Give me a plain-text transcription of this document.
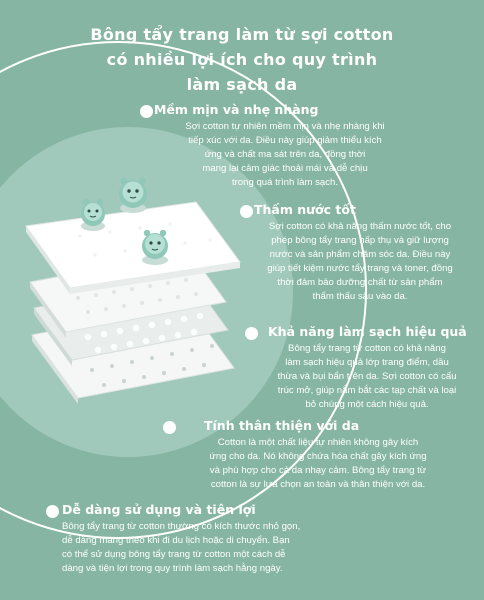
Bông tẩy trang làm từ sợi cotton
có nhiều lợi ích cho quy trình
làm sạch da
Mềm mịn và nhẹ nhàng

Sợi cotton tự nhiên mềm mịn và nhẹ nhàng khi

tiếp xúc với da. Điều này giúp giảm thiểu kích

ứng và chất ma sát trên da, đồng thời

mang lại cảm giác thoải mái và dễ chịu

trong quá trình làm sạch.

Thấm nước tốt

Sợi cotton có khả năng thấm nước tốt, cho

phép bông tẩy trang hấp thụ và giữ lượng

nước và sản phẩm chăm sóc da. Điều này

giúp tiết kiệm nước tẩy trang và toner, đồng

thời đảm bảo dưỡng chất từ sản phẩm

thẩm thấu sâu vào da.

Khả năng làm sạch hiệu quả

Bông tẩy trang từ cotton có khả năng

làm sạch hiệu quả lớp trang điểm, dầu

thừa và bụi bẩn trên da. Sợi cotton có cấu

trúc mở, giúp nắm bắt các tạp chất và loại

bỏ chúng một cách hiệu quả.

Tính thân thiện với da

Cotton là một chất liệu tự nhiên không gây kích

ứng cho da. Nó không chứa hóa chất gây kích ứng

và phù hợp cho cả da nhạy cảm. Bông tẩy trang từ

cotton là sự lựa chọn an toàn và thân thiện với da.

Dễ dàng sử dụng và tiện lợi

Bông tẩy trang từ cotton thường có kích thước nhỏ gọn,

dễ dàng mang theo khi đi du lịch hoặc di chuyển. Bạn

có thể sử dụng bông tẩy trang từ cotton một cách dễ

dàng và tiện lợi trong quy trình làm sạch hằng ngày.
